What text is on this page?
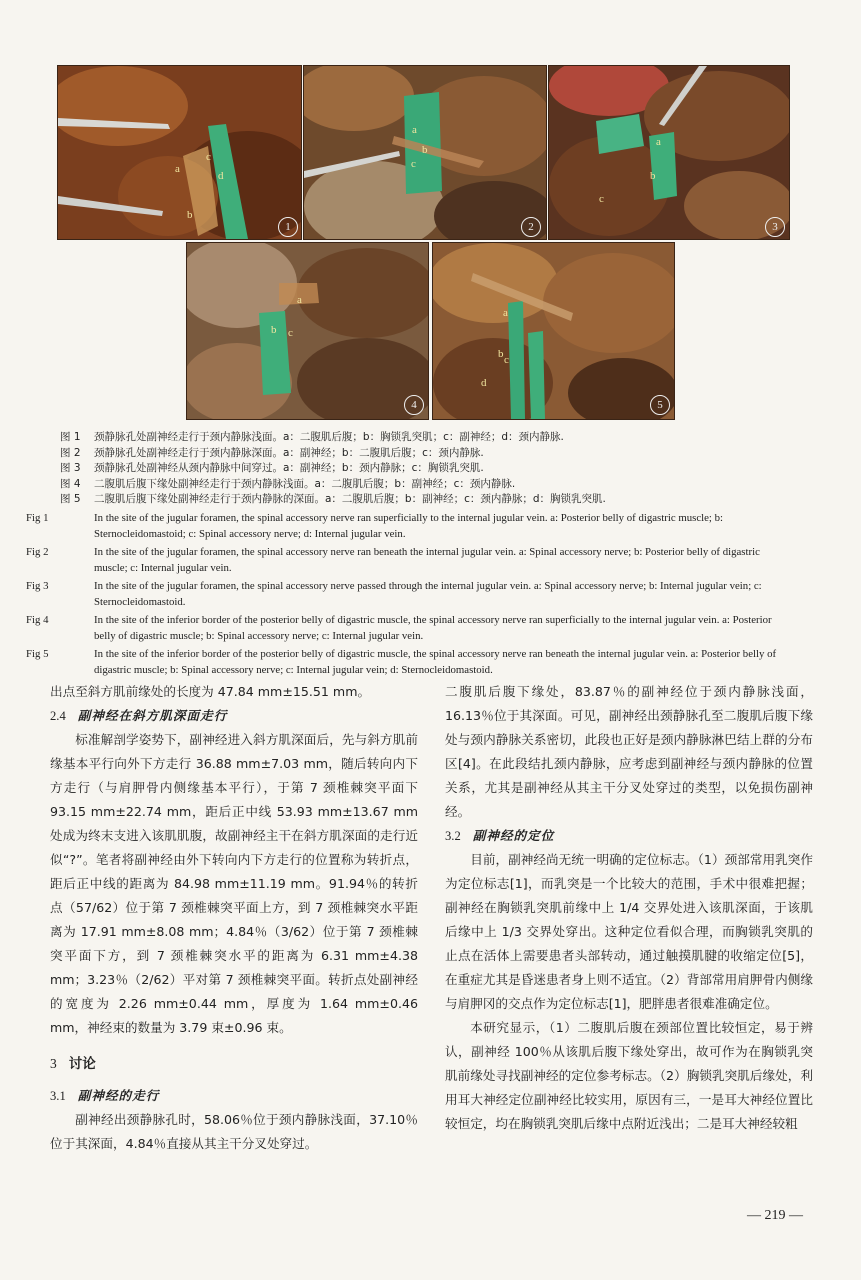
a
b
c
d
1
a
b
c
2
a
b
c
3
a
b c
4
a
b c
d
5
图 1 颈静脉孔处副神经走行于颈内静脉浅面。a：二腹肌后腹；b：胸锁乳突肌；c：副神经；d：颈内静脉.
图 2 颈静脉孔处副神经走行于颈内静脉深面。a：副神经；b：二腹肌后腹；c：颈内静脉.
图 3 颈静脉孔处副神经从颈内静脉中间穿过。a：副神经；b：颈内静脉；c：胸锁乳突肌.
图 4 二腹肌后腹下缘处副神经走行于颈内静脉浅面。a：二腹肌后腹；b：副神经；c：颈内静脉.
图 5 二腹肌后腹下缘处副神经走行于颈内静脉的深面。a：二腹肌后腹；b：副神经；c：颈内静脉；d：胸锁乳突肌.
Fig 1	In the site of the jugular foramen, the spinal accessory nerve ran superficially to the internal jugular vein. a: Posterior belly of digastric muscle; b: Sternocleidomastoid; c: Spinal accessory nerve; d: Internal jugular vein.
Fig 2	In the site of the jugular foramen, the spinal accessory nerve ran beneath the internal jugular vein. a: Spinal accessory nerve; b: Posterior belly of digastric muscle; c: Internal jugular vein.
Fig 3	In the site of the jugular foramen, the spinal accessory nerve passed through the internal jugular vein. a: Spinal accessory nerve; b: Internal jugular vein; c: Sternocleidomastoid.
Fig 4	In the site of the inferior border of the posterior belly of digastric muscle, the spinal accessory nerve ran superficially to the internal jugular vein. a: Posterior belly of digastric muscle; b: Spinal accessory nerve; c: Internal jugular vein.
Fig 5	In the site of the inferior border of the posterior belly of digastric muscle, the spinal accessory nerve ran beneath the internal jugular vein. a: Posterior belly of digastric muscle; b: Spinal accessory nerve; c: Internal jugular vein; d: Sternocleidomastoid.

出点至斜方肌前缘处的长度为 47.84 mm±15.51 mm。

2.4 副神经在斜方肌深面走行

标准解剖学姿势下，副神经进入斜方肌深面后，先与斜方肌前缘基本平行向外下方走行 36.88 mm±7.03 mm，随后转向内下方走行（与肩胛骨内侧缘基本平行），于第 7 颈椎棘突平面下 93.15 mm±22.74 mm，距后正中线 53.93 mm±13.67 mm 处成为终末支进入该肌肌腹，故副神经主干在斜方肌深面的走行近似“?”。笔者将副神经由外下转向内下方走行的位置称为转折点，距后正中线的距离为 84.98 mm±11.19 mm。91.94％的转折点（57/62）位于第 7 颈椎棘突平面上方，到 7 颈椎棘突水平距离为 17.91 mm±8.08 mm；4.84％（3/62）位于第 7 颈椎棘突平面下方，到 7 颈椎棘突水平的距离为 6.31 mm±4.38 mm；3.23％（2/62）平对第 7 颈椎棘突平面。转折点处副神经的宽度为 2.26 mm±0.44 mm，厚度为 1.64 mm±0.46 mm，神经束的数量为 3.79 束±0.96 束。

3 讨论
3.1 副神经的走行

副神经出颈静脉孔时，58.06％位于颈内静脉浅面，37.10％位于其深面，4.84％直接从其主干分叉处穿过。

二腹肌后腹下缘处，83.87％的副神经位于颈内静脉浅面，16.13％位于其深面。可见，副神经出颈静脉孔至二腹肌后腹下缘处与颈内静脉关系密切，此段也正好是颈内静脉淋巴结上群的分布区[4]。在此段结扎颈内静脉，应考虑到副神经与颈内静脉的位置关系，尤其是副神经从其主干分叉处穿过的类型，以免损伤副神经。

3.2 副神经的定位

目前，副神经尚无统一明确的定位标志。（1）颈部常用乳突作为定位标志[1]，而乳突是一个比较大的范围，手术中很难把握；副神经在胸锁乳突肌前缘中上 1/4 交界处进入该肌深面，于该肌后缘中上 1/3 交界处穿出。这种定位看似合理，而胸锁乳突肌的止点在活体上需要患者头部转动，通过触摸肌腱的收缩定位[5]，在重症尤其是昏迷患者身上则不适宜。（2）背部常用肩胛骨内侧缘与肩胛冈的交点作为定位标志[1]，肥胖患者很难准确定位。

本研究显示，（1）二腹肌后腹在颈部位置比较恒定，易于辨认，副神经 100％从该肌后腹下缘处穿出，故可作为在胸锁乳突肌前缘处寻找副神经的定位参考标志。（2）胸锁乳突肌后缘处，利用耳大神经定位副神经比较实用，原因有三，一是耳大神经位置比较恒定，均在胸锁乳突肌后缘中点附近浅出；二是耳大神经较粗

— 219 —
